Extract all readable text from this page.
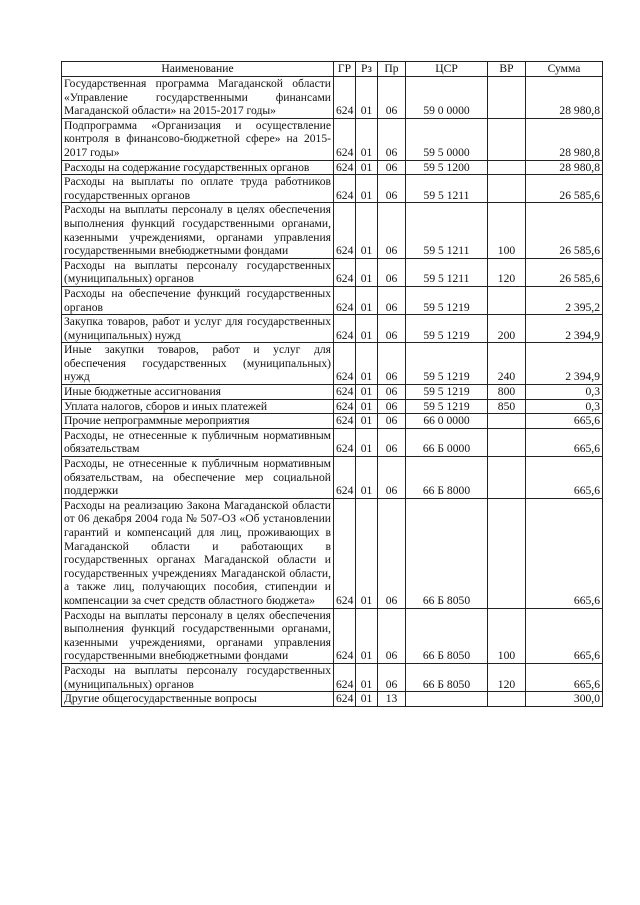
Наименование	ГР	Рз	Пр	ЦСР	ВР	Сумма
Государственная программа Магаданской области «Управление государственными финансами Магаданской области» на 2015-2017 годы»	624	01	06	59 0 0000		28 980,8
Подпрограмма «Организация и осуществление контроля в финансово-бюджетной сфере» на 2015-2017 годы»	624	01	06	59 5 0000		28 980,8
Расходы на содержание государственных органов	624	01	06	59 5 1200		28 980,8
Расходы на выплаты по оплате труда работников государственных органов	624	01	06	59 5 1211		26 585,6
Расходы на выплаты персоналу в целях обеспечения выполнения функций государственными органами, казенными учреждениями, органами управления государственными внебюджетными фондами	624	01	06	59 5 1211	100	26 585,6
Расходы на выплаты персоналу государственных (муниципальных) органов	624	01	06	59 5 1211	120	26 585,6
Расходы на обеспечение функций государственных органов	624	01	06	59 5 1219		2 395,2
Закупка товаров, работ и услуг для государственных (муниципальных) нужд	624	01	06	59 5 1219	200	2 394,9
Иные закупки товаров, работ и услуг для обеспечения государственных (муниципальных) нужд	624	01	06	59 5 1219	240	2 394,9
Иные бюджетные ассигнования	624	01	06	59 5 1219	800	0,3
Уплата налогов, сборов и иных платежей	624	01	06	59 5 1219	850	0,3
Прочие непрограммные мероприятия	624	01	06	66 0 0000		665,6
Расходы, не отнесенные к публичным нормативным обязательствам	624	01	06	66 Б 0000		665,6
Расходы, не отнесенные к публичным нормативным обязательствам, на обеспечение мер социальной поддержки	624	01	06	66 Б 8000		665,6
Расходы на реализацию Закона Магаданской области от 06 декабря 2004 года № 507-ОЗ «Об установлении гарантий и компенсаций для лиц, проживающих в Магаданской области и работающих в государственных органах Магаданской области и государственных учреждениях Магаданской области, а также лиц, получающих пособия, стипендии и компенсации за счет средств областного бюджета»	624	01	06	66 Б 8050		665,6
Расходы на выплаты персоналу в целях обеспечения выполнения функций государственными органами, казенными учреждениями, органами управления государственными внебюджетными фондами	624	01	06	66 Б 8050	100	665,6
Расходы на выплаты персоналу государственных (муниципальных) органов	624	01	06	66 Б 8050	120	665,6
Другие общегосударственные вопросы	624	01	13			300,0
